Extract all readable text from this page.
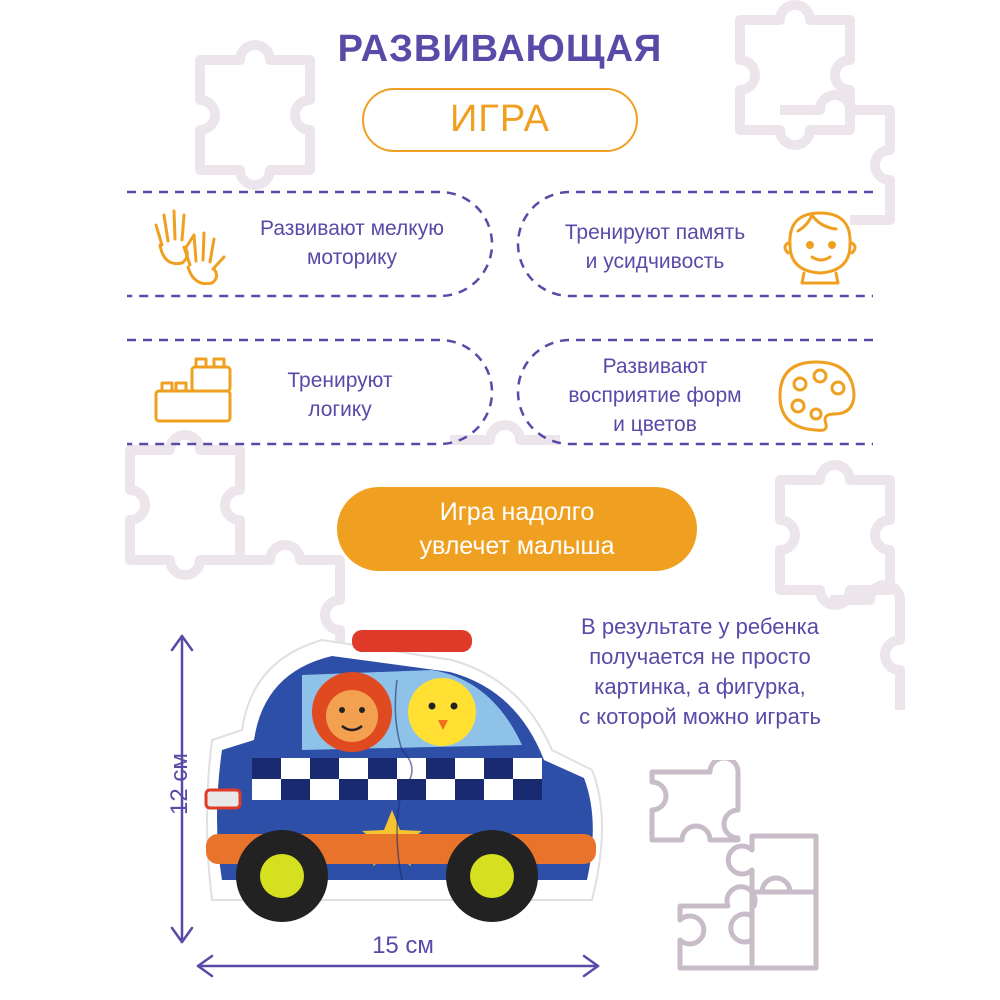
РАЗВИВАЮЩАЯ
ИГРА
Развивают мелкую
моторику
Тренируют память
и усидчивость
Тренируют
логику
Развивают
восприятие форм
и цветов
Игра надолго
увлечет малыша
В результате у ребенка
получается не просто
картинка, а фигурка,
с которой можно играть
12 см
15 см
